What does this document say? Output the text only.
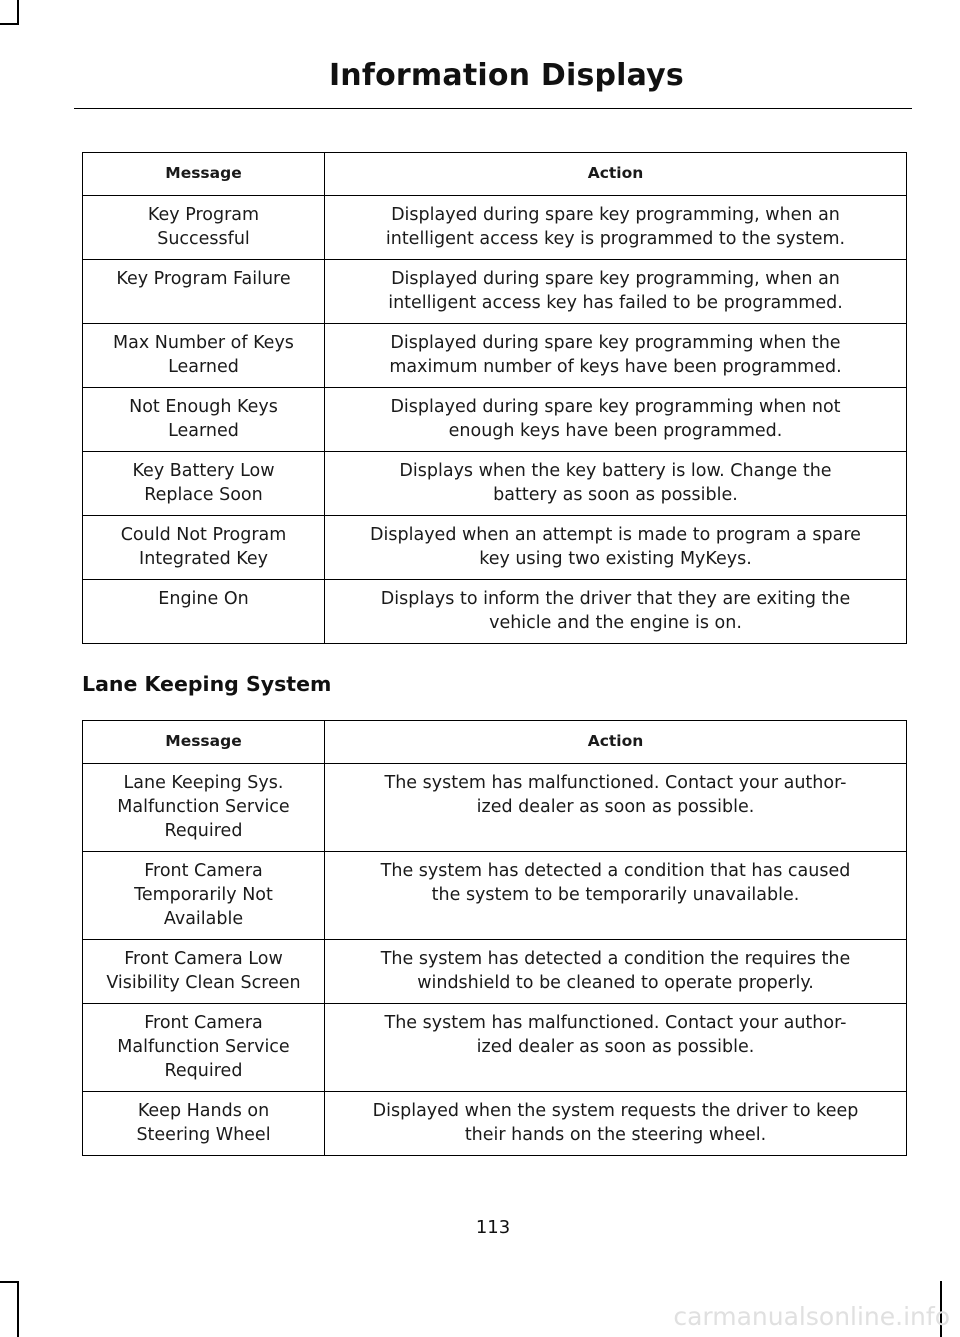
Information Displays
Message	Action

Key Program
Successful	Displayed during spare key programming, when an
intelligent access key is programmed to the system.

Key Program Failure	Displayed during spare key programming, when an
intelligent access key has failed to be programmed.

Max Number of Keys
Learned	Displayed during spare key programming when the
maximum number of keys have been programmed.

Not Enough Keys
Learned	Displayed during spare key programming when not
enough keys have been programmed.

Key Battery Low
Replace Soon	Displays when the key battery is low. Change the
battery as soon as possible.

Could Not Program
Integrated Key	Displayed when an attempt is made to program a spare
key using two existing MyKeys.

Engine On	Displays to inform the driver that they are exiting the
vehicle and the engine is on.
Lane Keeping System
Message	Action

Lane Keeping Sys.
Malfunction Service
Required	The system has malfunctioned. Contact your author-
ized dealer as soon as possible.

Front Camera
Temporarily Not
Available	The system has detected a condition that has caused
the system to be temporarily unavailable.

Front Camera Low
Visibility Clean Screen	The system has detected a condition the requires the
windshield to be cleaned to operate properly.

Front Camera
Malfunction Service
Required	The system has malfunctioned. Contact your author-
ized dealer as soon as possible.

Keep Hands on
Steering Wheel	Displayed when the system requests the driver to keep
their hands on the steering wheel.
113
carmanualsonline.info
